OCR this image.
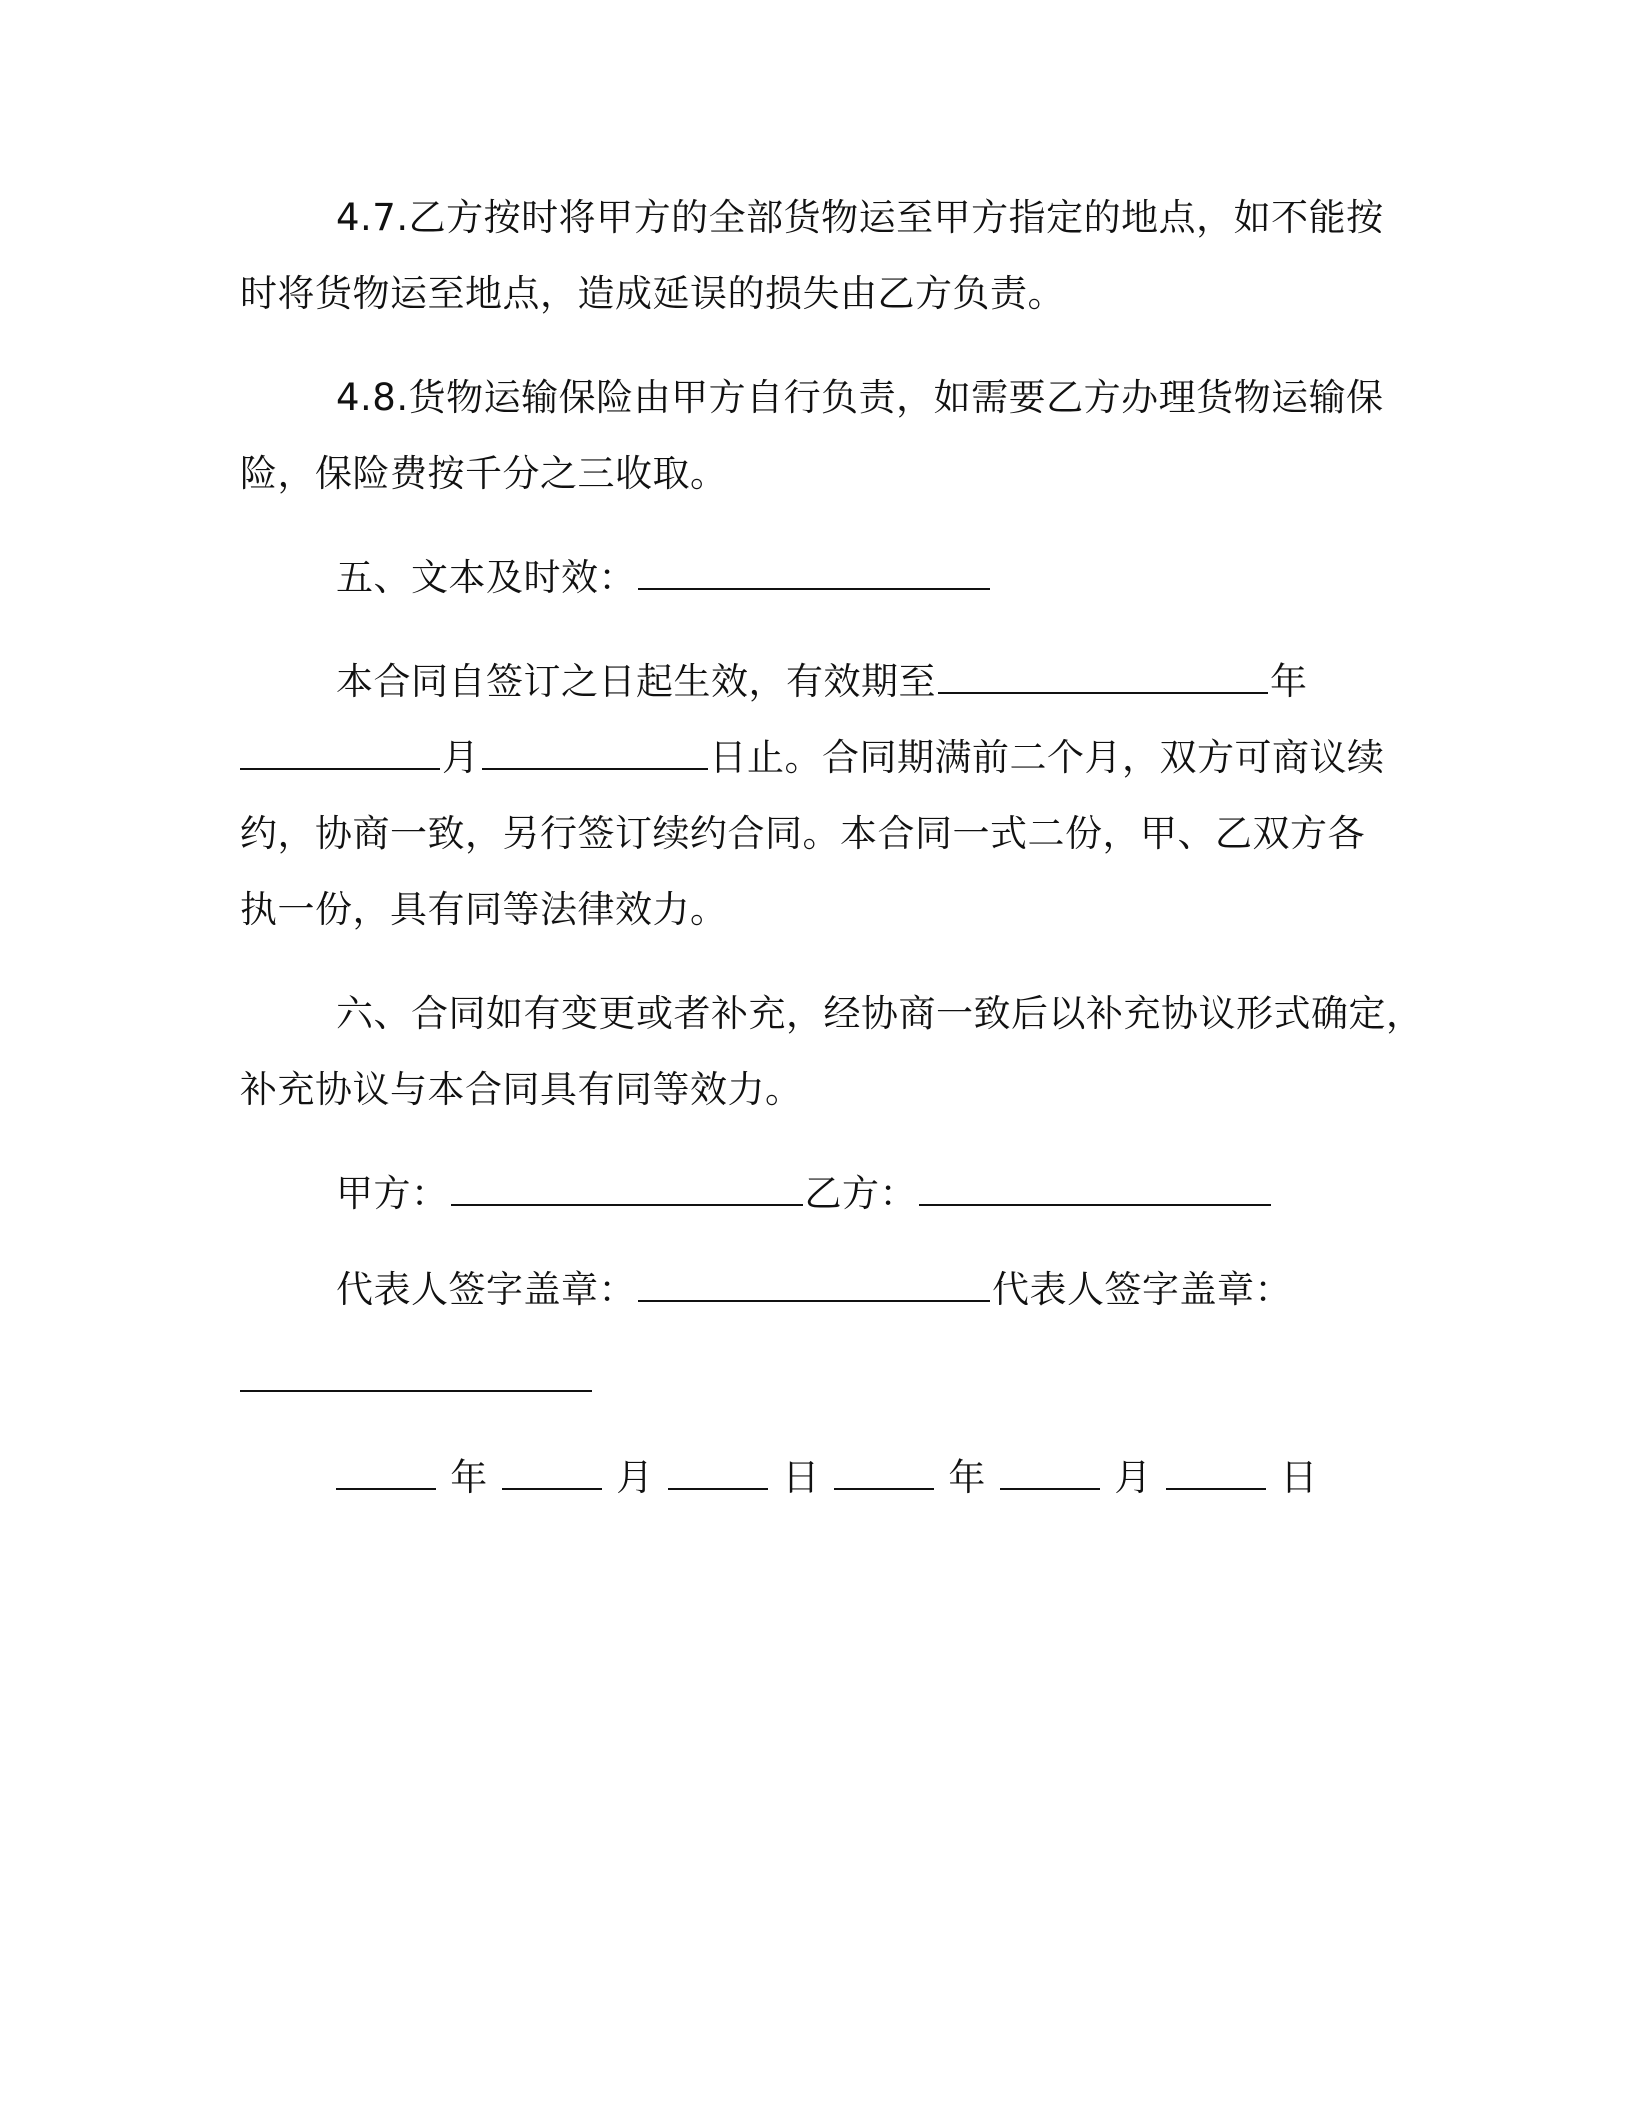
4.7.乙方按时将甲方的全部货物运至甲方指定的地点，如不能按
时将货物运至地点，造成延误的损失由乙方负责。
4.8.货物运输保险由甲方自行负责，如需要乙方办理货物运输保
险，保险费按千分之三收取。
五、文本及时效：
本合同自签订之日起生效，有效期至	年
月	日止。合同期满前二个月，双方可商议续
约，协商一致，另行签订续约合同。本合同一式二份，甲、乙双方各
执一份，具有同等法律效力。
六、合同如有变更或者补充，经协商一致后以补充协议形式确定，
补充协议与本合同具有同等效力。
甲方：	乙方：
代表人签字盖章：	代表人签字盖章：
年	月	日	年	月	日
